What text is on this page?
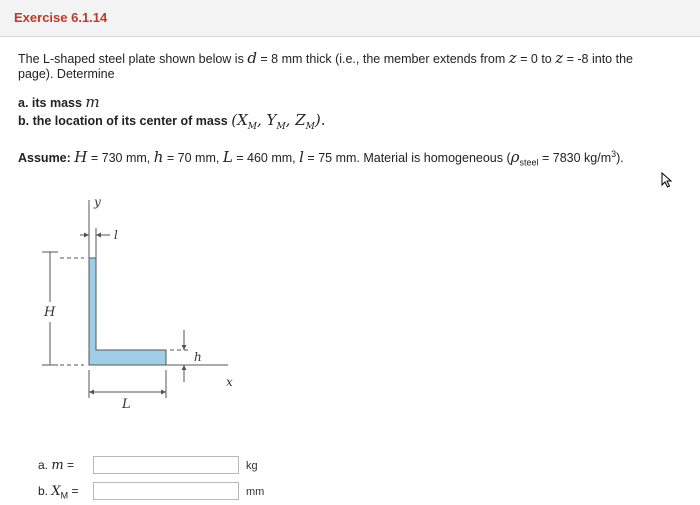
Exercise 6.1.14
The L-shaped steel plate shown below is d = 8 mm thick (i.e., the member extends from z = 0 to z = -8 into the
page). Determine
a. its mass m
b. the location of its center of mass ($X_M$, $Y_M$, $Z_M$).
Assume: H = 730 mm, h = 70 mm, L = 460 mm, l = 75 mm. Material is homogeneous ($\rho_{steel} = 7830$ $kg/m^3$).
y
l
H
h
x
L
a. m =	kg
b. $X_M$ =	mm
